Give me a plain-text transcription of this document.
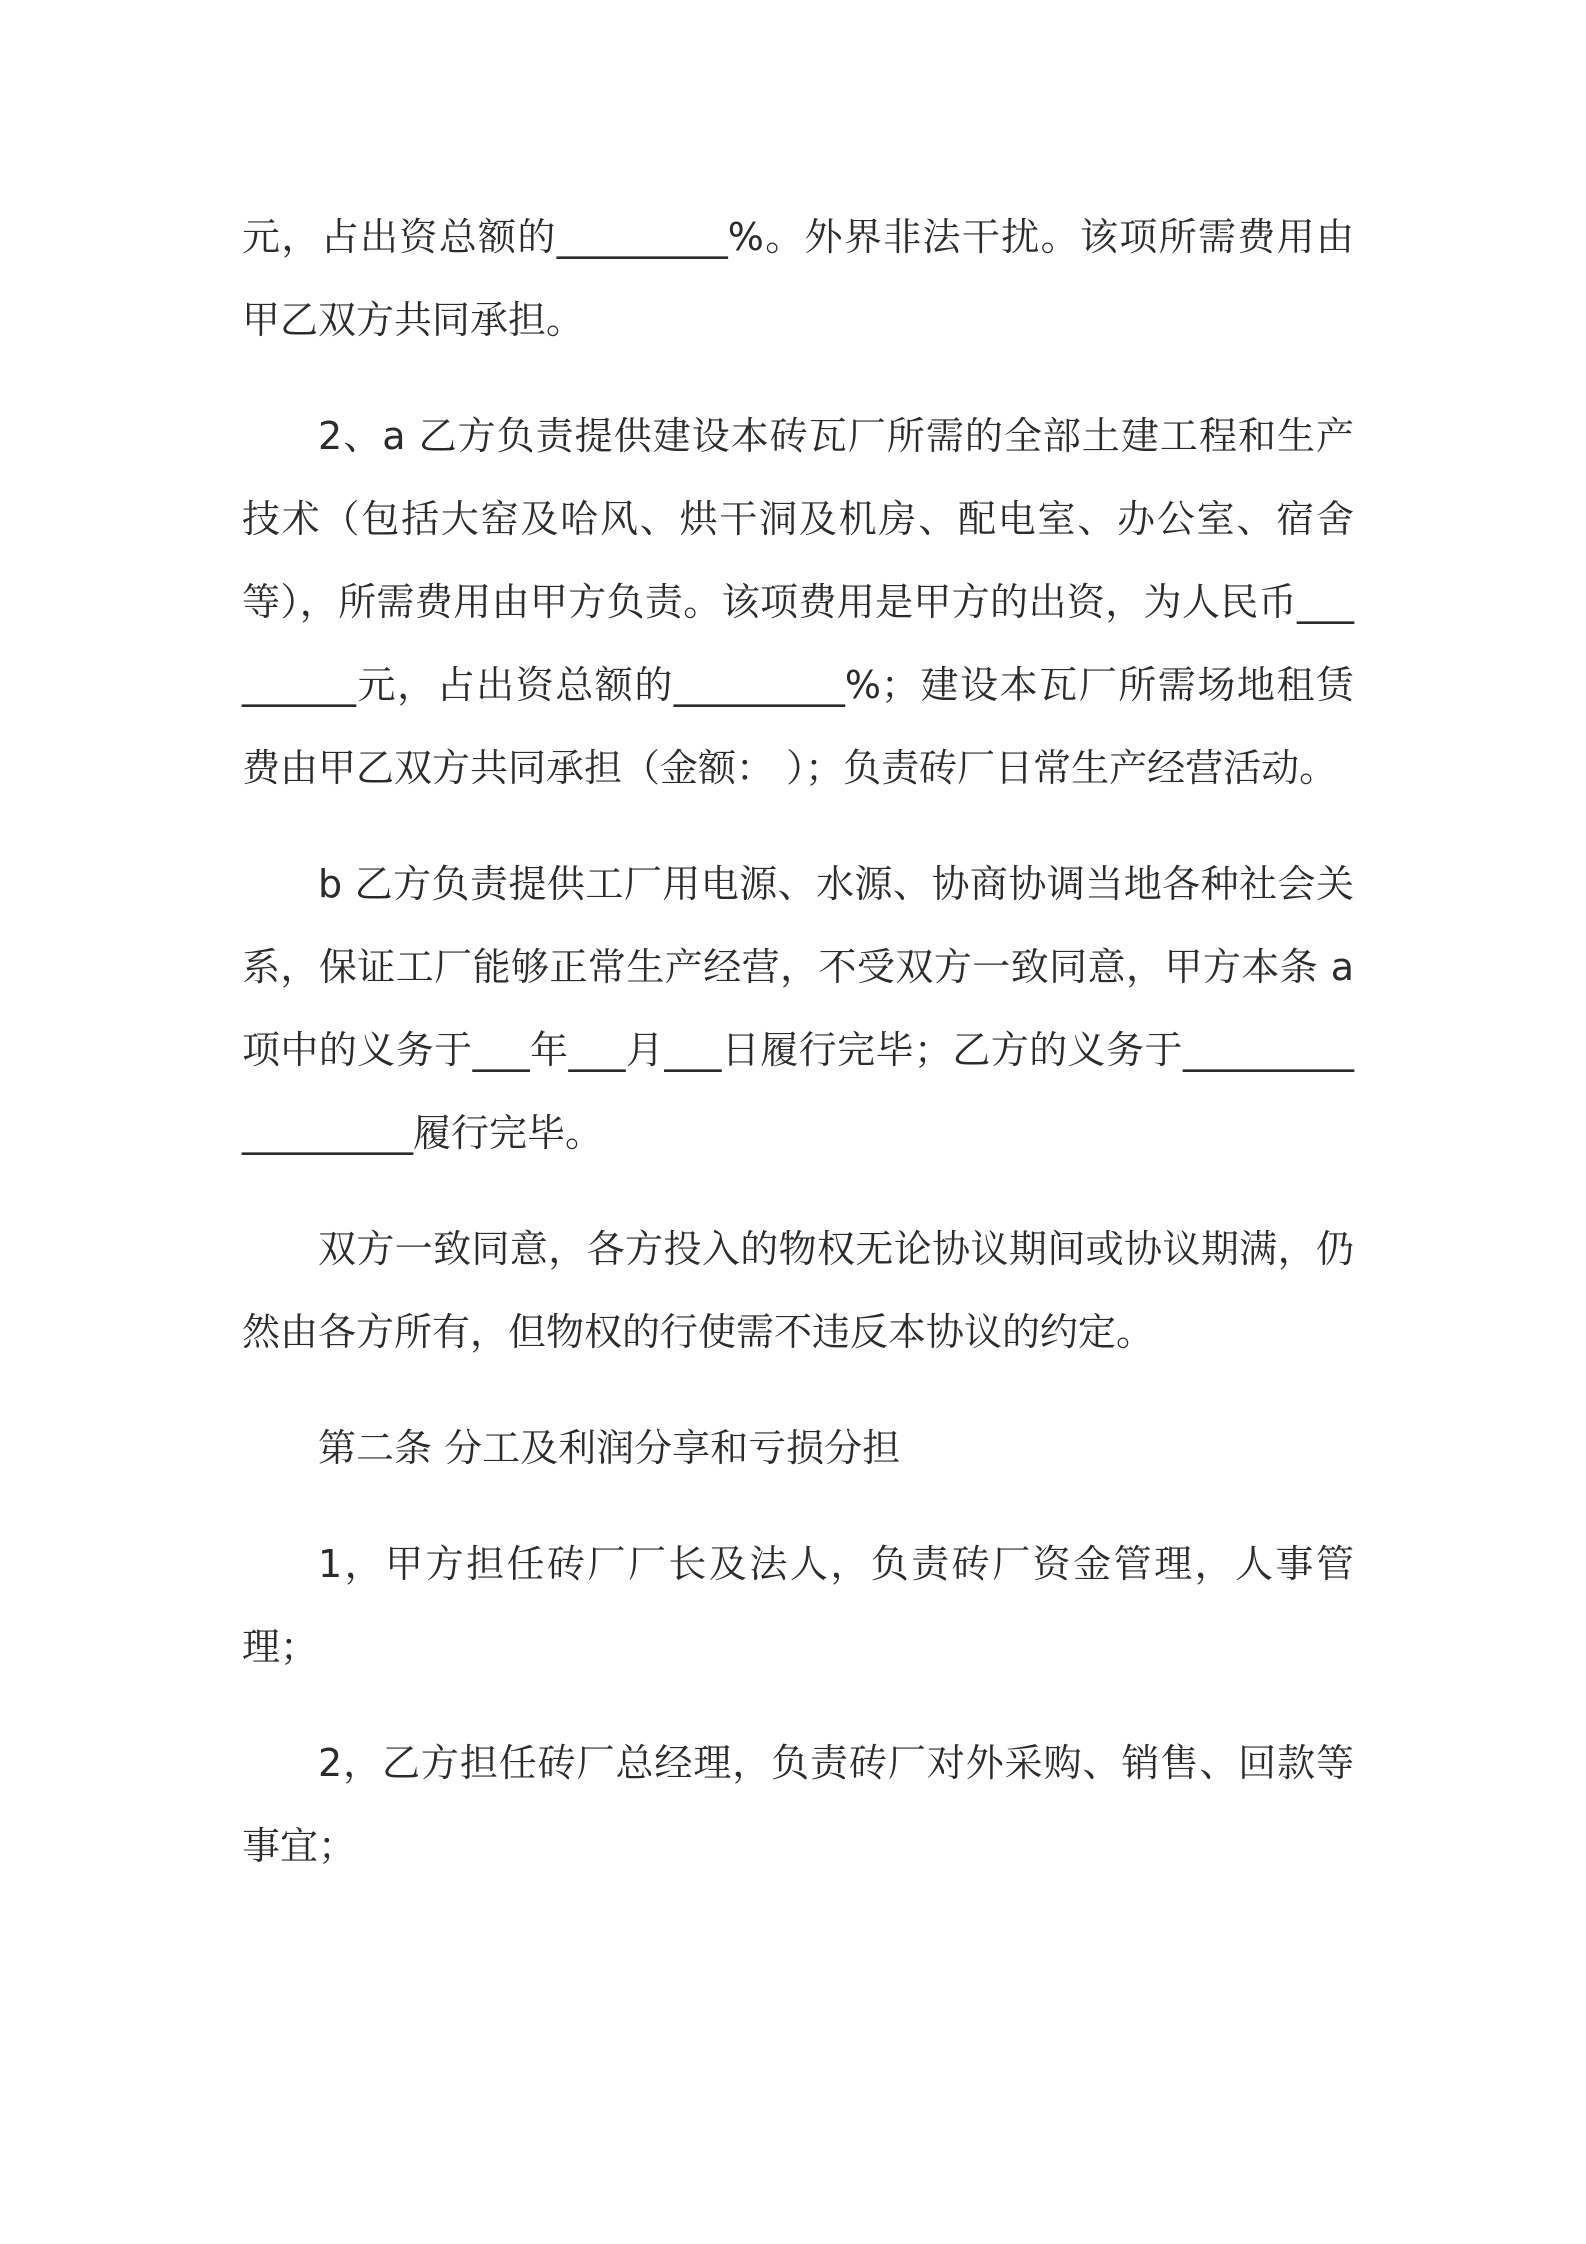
元，占出资总额的_________%。外界非法干扰。该项所需费用由甲乙双方共同承担。

2、a 乙方负责提供建设本砖瓦厂所需的全部土建工程和生产技术（包括大窑及哈风、烘干洞及机房、配电室、办公室、宿舍等），所需费用由甲方负责。该项费用是甲方的出资，为人民币_________元，占出资总额的_________%；建设本瓦厂所需场地租赁费由甲乙双方共同承担（金额： ）；负责砖厂日常生产经营活动。

b 乙方负责提供工厂用电源、水源、协商协调当地各种社会关系，保证工厂能够正常生产经营，不受双方一致同意，甲方本条 a 项中的义务于___年___月___日履行完毕；乙方的义务于__________________履行完毕。

双方一致同意，各方投入的物权无论协议期间或协议期满，仍然由各方所有，但物权的行使需不违反本协议的约定。

第二条 分工及利润分享和亏损分担

1，甲方担任砖厂厂长及法人，负责砖厂资金管理，人事管理；

2，乙方担任砖厂总经理，负责砖厂对外采购、销售、回款等事宜；
